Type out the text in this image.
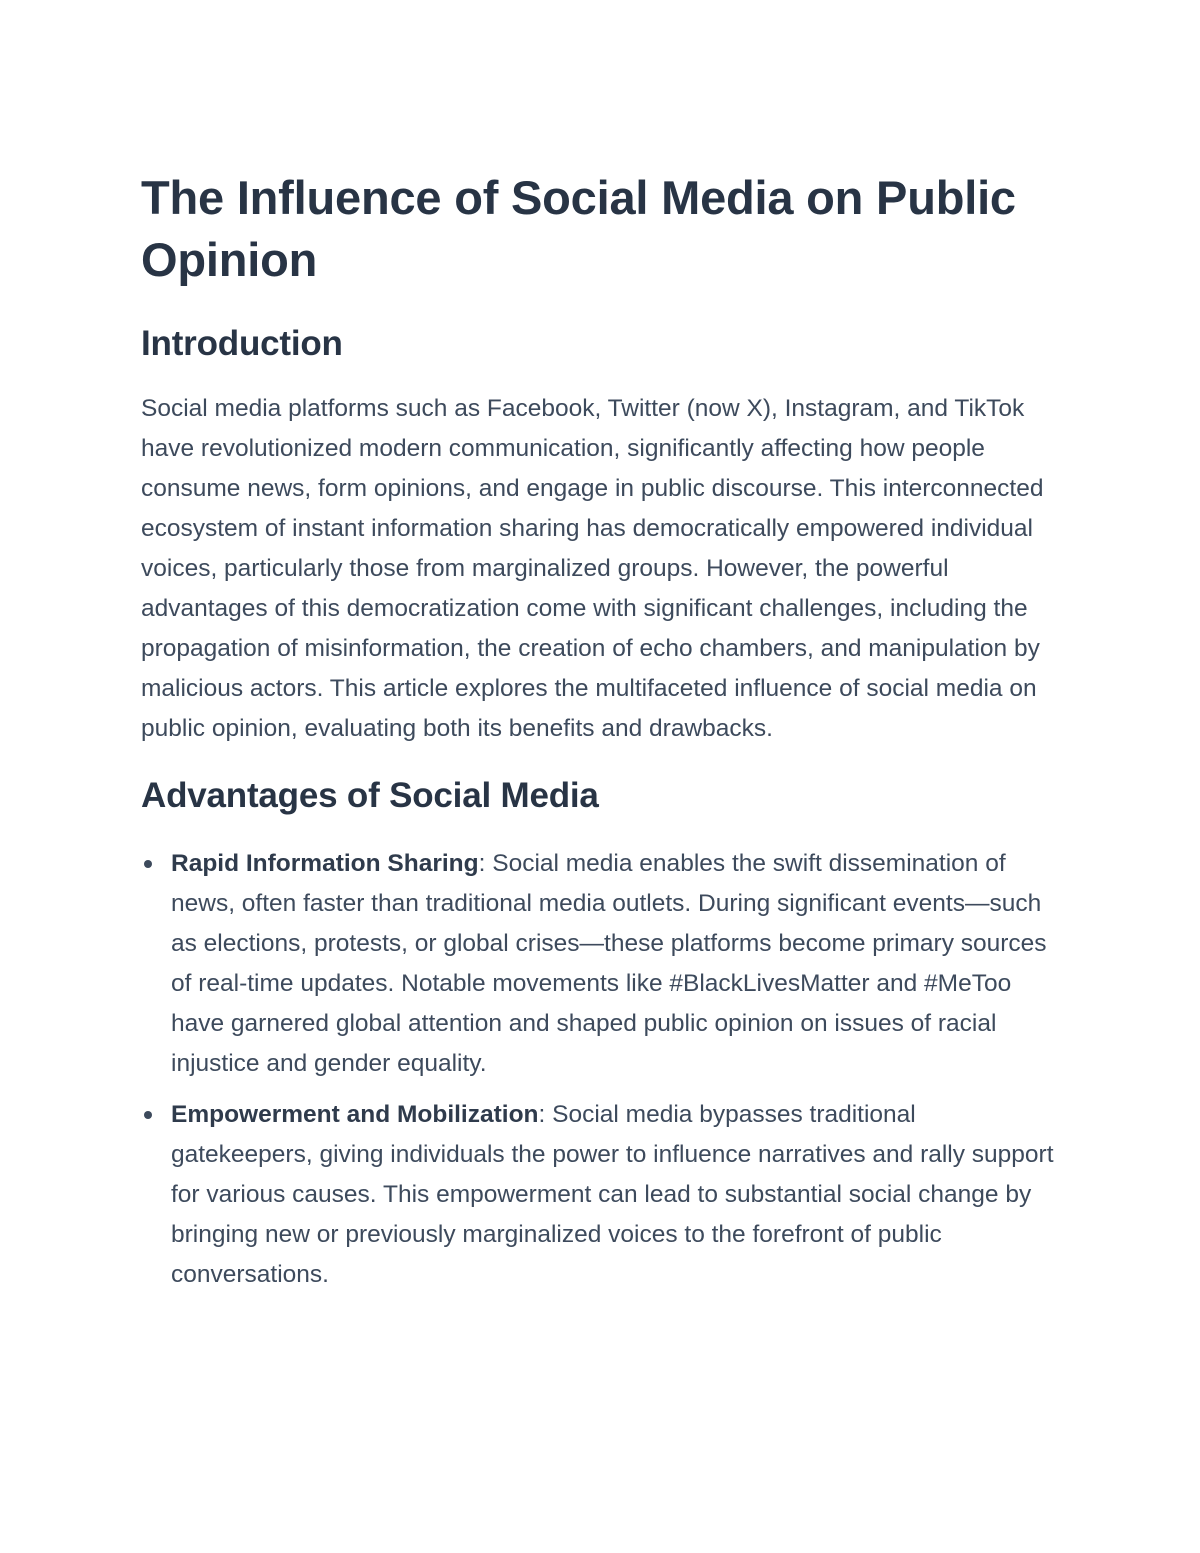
The Influence of Social Media on Public Opinion
Introduction

Social media platforms such as Facebook, Twitter (now X), Instagram, and TikTok have revolutionized modern communication, significantly affecting how people consume news, form opinions, and engage in public discourse. This interconnected ecosystem of instant information sharing has democratically empowered individual voices, particularly those from marginalized groups. However, the powerful advantages of this democratization come with significant challenges, including the propagation of misinformation, the creation of echo chambers, and manipulation by malicious actors. This article explores the multifaceted influence of social media on public opinion, evaluating both its benefits and drawbacks.

Advantages of Social Media
Rapid Information Sharing: Social media enables the swift dissemination of news, often faster than traditional media outlets. During significant events—such as elections, protests, or global crises—these platforms become primary sources of real-time updates. Notable movements like #BlackLivesMatter and #MeToo have garnered global attention and shaped public opinion on issues of racial injustice and gender equality.
Empowerment and Mobilization: Social media bypasses traditional gatekeepers, giving individuals the power to influence narratives and rally support for various causes. This empowerment can lead to substantial social change by bringing new or previously marginalized voices to the forefront of public conversations.
